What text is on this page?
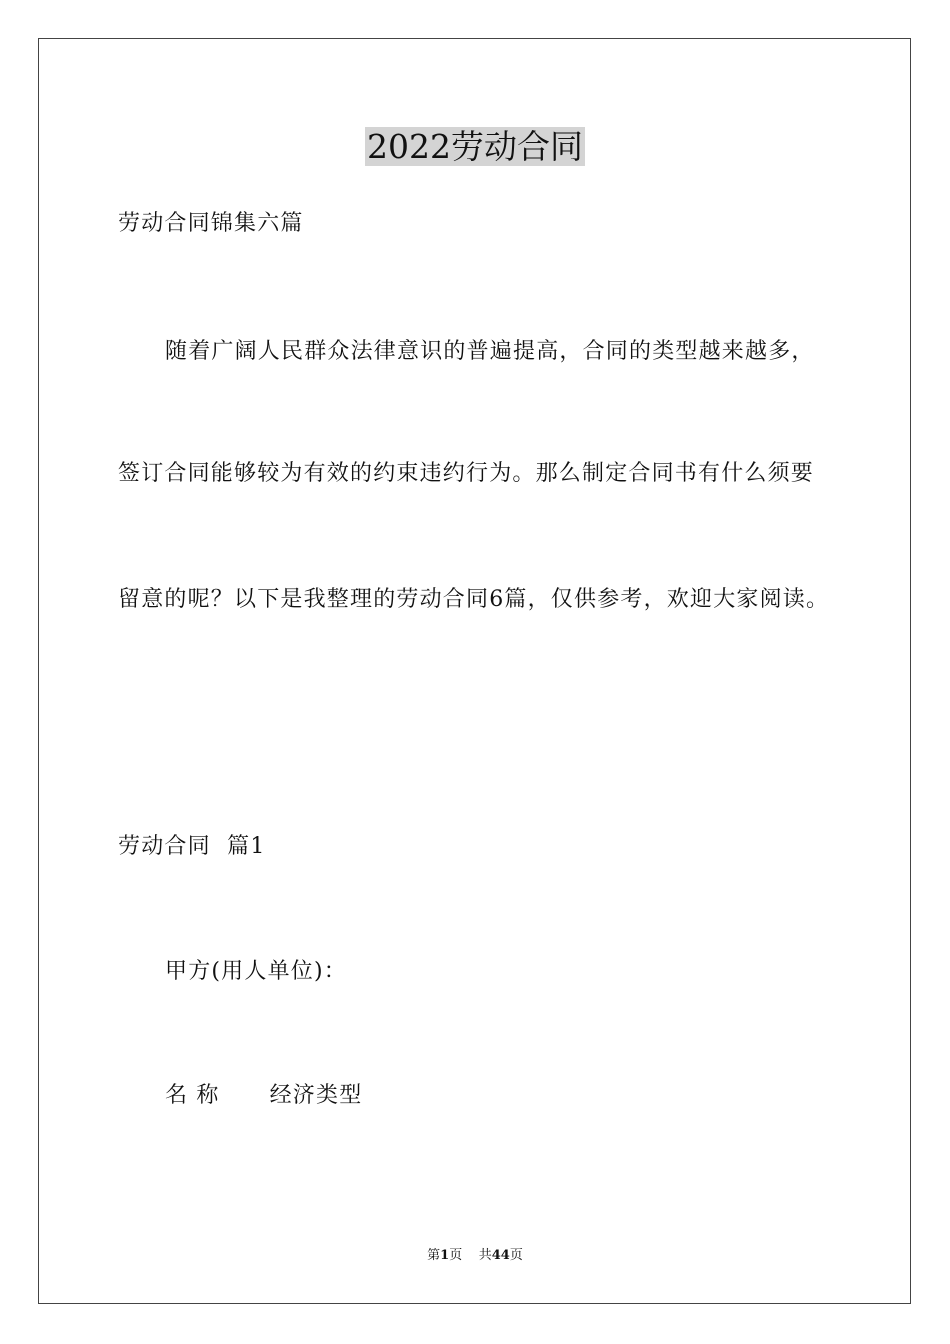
2022劳动合同
劳动合同锦集六篇
随着广阔人民群众法律意识的普遍提高，合同的类型越来越多，
签订合同能够较为有效的约束违约行为。那么制定合同书有什么须要
留意的呢？以下是我整理的劳动合同6篇，仅供参考，欢迎大家阅读。
劳动合同  篇1
甲方(用人单位)：
名 称 经济类型
第1页 共44页
